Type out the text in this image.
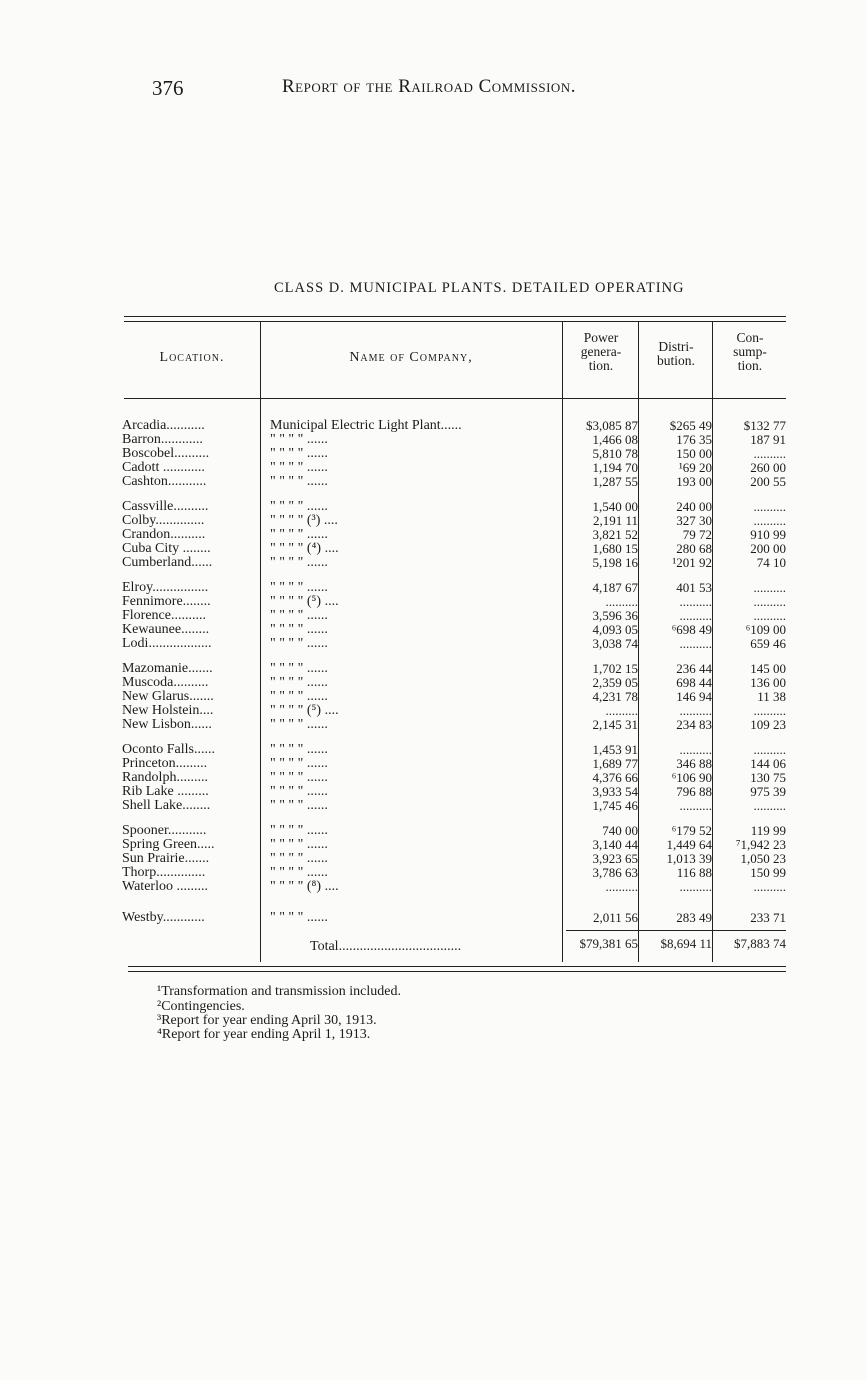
376	Report of the Railroad Commission.
CLASS D. MUNICIPAL PLANTS. DETAILED OPERATING
Location.	Name of Company,
Power
genera-
tion.
Distri-
bution.
Con-
sump-
tion.
Arcadia...........	Municipal Electric Light Plant......	$3,085 87	$265 49	$132 77
Barron............	" " " " ......	1,466 08	176 35	187 91
Boscobel..........	" " " " ......	5,810 78	150 00	..........
Cadott ............	" " " " ......	1,194 70	¹69 20	260 00
Cashton...........	" " " " ......	1,287 55	193 00	200 55
Cassville..........	" " " " ......	1,540 00	240 00	..........
Colby..............	" " " " (³) ....	2,191 11	327 30	..........
Crandon..........	" " " " ......	3,821 52	79 72	910 99
Cuba City ........	" " " " (⁴) ....	1,680 15	280 68	200 00
Cumberland......	" " " " ......	5,198 16	¹201 92	74 10
Elroy................	" " " " ......	4,187 67	401 53	..........
Fennimore........	" " " " (⁵) ....	..........	..........	..........
Florence..........	" " " " ......	3,596 36	..........	..........
Kewaunee........	" " " " ......	4,093 05	⁶698 49	⁶109 00
Lodi..................	" " " " ......	3,038 74	..........	659 46
Mazomanie.......	" " " " ......	1,702 15	236 44	145 00
Muscoda..........	" " " " ......	2,359 05	698 44	136 00
New Glarus.......	" " " " ......	4,231 78	146 94	11 38
New Holstein....	" " " " (⁵) ....	..........	..........	..........
New Lisbon......	" " " " ......	2,145 31	234 83	109 23
Oconto Falls......	" " " " ......	1,453 91	..........	..........
Princeton.........	" " " " ......	1,689 77	346 88	144 06
Randolph.........	" " " " ......	4,376 66	⁶106 90	130 75
Rib Lake .........	" " " " ......	3,933 54	796 88	975 39
Shell Lake........	" " " " ......	1,745 46	..........	..........
Spooner...........	" " " " ......	740 00	⁶179 52	119 99
Spring Green.....	" " " " ......	3,140 44	1,449 64	⁷1,942 23
Sun Prairie.......	" " " " ......	3,923 65	1,013 39	1,050 23
Thorp..............	" " " " ......	3,786 63	116 88	150 99
Waterloo .........	" " " " (⁸) ....	..........	..........	..........
Westby............	" " " " ......	2,011 56	283 49	233 71
Total...................................	$79,381 65	$8,694 11	$7,883 74
¹Transformation and transmission included.
²Contingencies.
³Report for year ending April 30, 1913.
⁴Report for year ending April 1, 1913.
